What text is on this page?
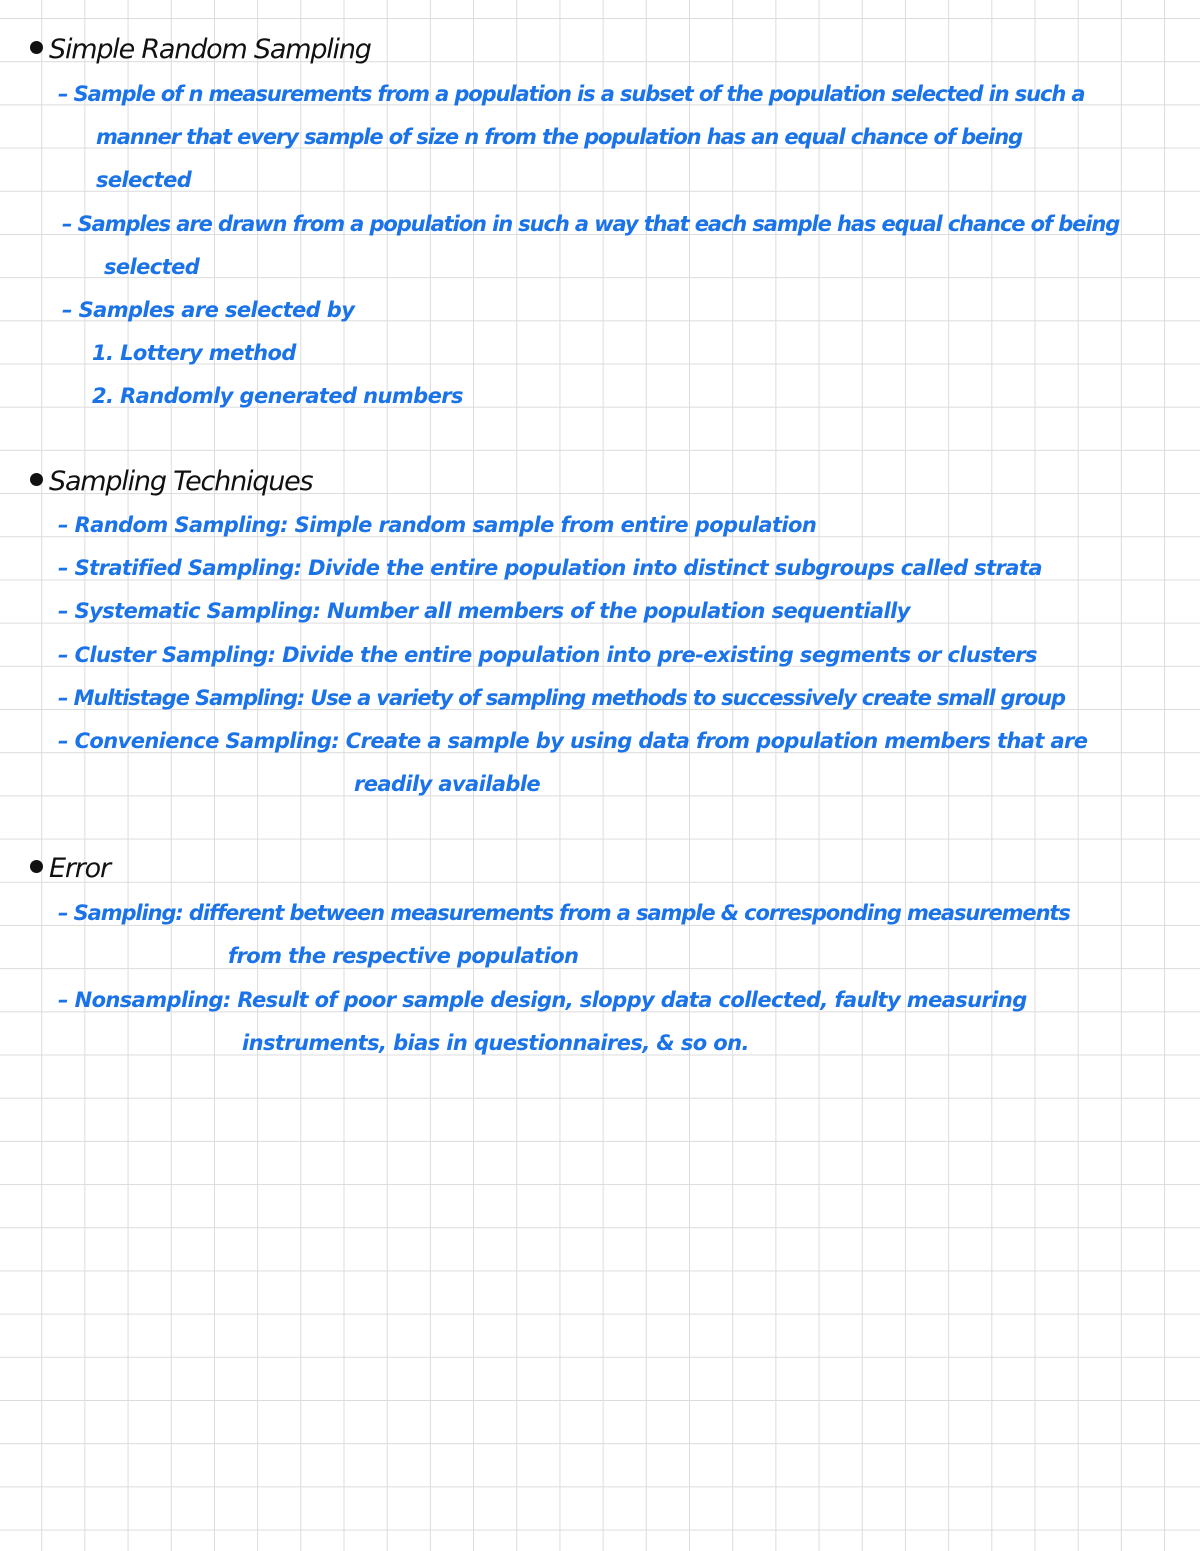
Simple Random Sampling
– Sample of n measurements from a population is a subset of the population selected in such a
manner that every sample of size n from the population has an equal chance of being
selected
– Samples are drawn from a population in such a way that each sample has equal chance of being
selected
– Samples are selected by
1. Lottery method
2. Randomly generated numbers
Sampling Techniques
– Random Sampling: Simple random sample from entire population
– Stratified Sampling: Divide the entire population into distinct subgroups called strata
– Systematic Sampling: Number all members of the population sequentially
– Cluster Sampling: Divide the entire population into pre-existing segments or clusters
– Multistage Sampling: Use a variety of sampling methods to successively create small group
– Convenience Sampling: Create a sample by using data from population members that are
readily available
Error
– Sampling: different between measurements from a sample & corresponding measurements
from the respective population
– Nonsampling: Result of poor sample design, sloppy data collected, faulty measuring
instruments, bias in questionnaires, & so on.
